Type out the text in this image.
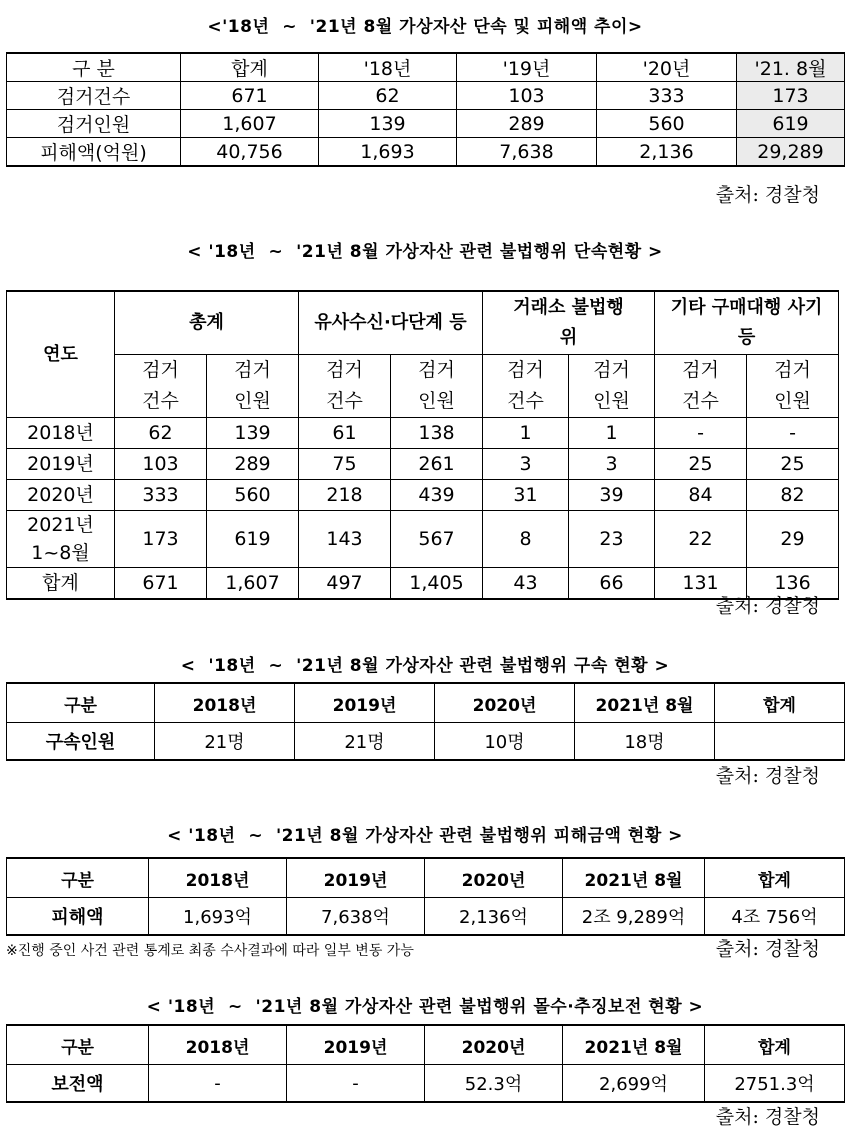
<'18년  ~  '21년 8월 가상자산 단속 및 피해액 추이>
구 분	합계	'18년	'19년	'20년	'21. 8월
검거건수	671	62	103	333	173
검거인원	1,607	139	289	560	619
피해액(억원)	40,756	1,693	7,638	2,136	29,289
출처: 경찰청
< '18년  ~  '21년 8월 가상자산 관련 불법행위 단속현황 >
연도	총계		유사수신·다단계 등		거래소 불법행위		기타 구매대행 사기 등	
	검거 건수	검거 인원	검거 건수	검거 인원	검거 건수	검거 인원	검거 건수	검거 인원
2018년	62	139	61	138	1	1	-	-
2019년	103	289	75	261	3	3	25	25
2020년	333	560	218	439	31	39	84	82
2021년 1~8월	173	619	143	567	8	23	22	29
합계	671	1,607	497	1,405	43	66	131	136
출처: 경찰청
<  '18년  ~  '21년 8월 가상자산 관련 불법행위 구속 현황 >
구분	2018년	2019년	2020년	2021년 8월	합계
구속인원	21명	21명	10명	18명	
출처: 경찰청
< '18년  ~  '21년 8월 가상자산 관련 불법행위 피해금액 현황 >
구분	2018년	2019년	2020년	2021년 8월	합계
피해액	1,693억	7,638억	2,136억	2조 9,289억	4조 756억
※진행 중인 사건 관련 통계로 최종 수사결과에 따라 일부 변동 가능	출처: 경찰청
< '18년  ~  '21년 8월 가상자산 관련 불법행위 몰수·추징보전 현황 >
구분	2018년	2019년	2020년	2021년 8월	합계
보전액	-	-	52.3억	2,699억	2751.3억
출처: 경찰청
